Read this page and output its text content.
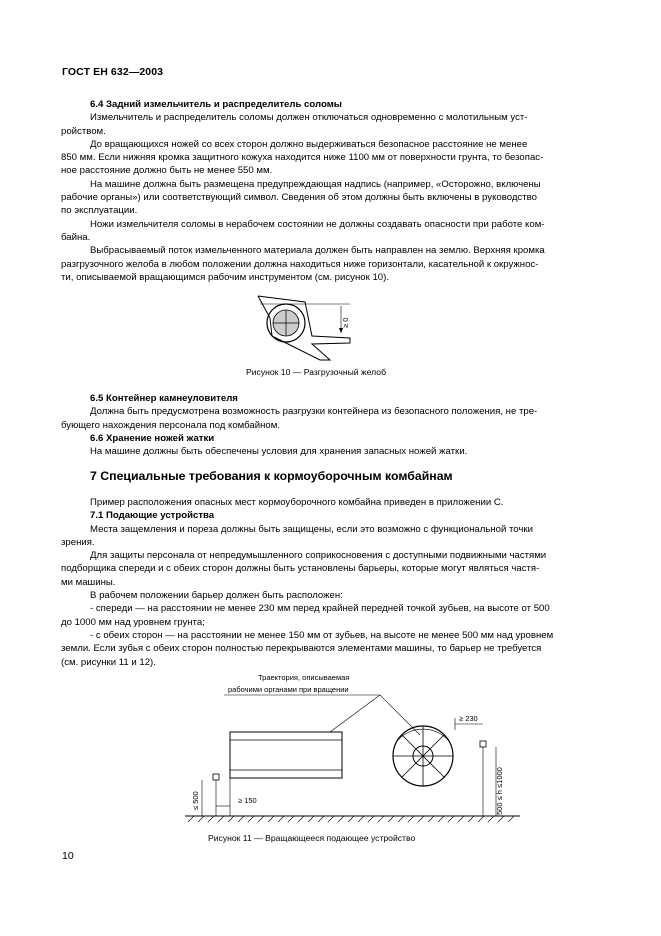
ГОСТ ЕН 632—2003

6.4 Задний измельчитель и распределитель соломы

Измельчитель и распределитель соломы должен отключаться одновременно с молотильным уст-

ройством.

До вращающихся ножей со всех сторон должно выдерживаться безопасное расстояние не менее

850 мм. Если нижняя кромка защитного кожуха находится ниже 1100 мм от поверхности грунта, то безопас-

ное расстояние должно быть не менее 550 мм.

На машине должна быть размещена предупреждающая надпись (например, «Осторожно, включены

рабочие органы») или соответствующий символ. Сведения об этом должны быть включены в руководство

по эксплуатации.

Ножи измельчителя соломы в нерабочем состоянии не должны создавать опасности при работе ком-

байна.

Выбрасываемый поток измельченного материала должен быть направлен на землю. Верхняя кромка

разгрузочного желоба в любом положении должна находиться ниже горизонтали, касательной к окружнос-

ти, описываемой вращающимся рабочим инструментом (см. рисунок 10).

≥ 0
Рисунок 10 — Разгрузочный желоб

6.5 Контейнер камнеуловителя

Должна быть предусмотрена возможность разгрузки контейнера из безопасного положения, не тре-

бующего нахождения персонала под комбайном.

6.6 Хранение ножей жатки

На машине должны быть обеспечены условия для хранения запасных ножей жатки.

7 Специальные требования к кормоуборочным комбайнам

Пример расположения опасных мест кормоуборочного комбайна приведен в приложении С.

7.1 Подающие устройства

Места защемления и пореза должны быть защищены, если это возможно с функциональной точки

зрения.

Для защиты персонала от непредумышленного соприкосновения с доступными подвижными частями

подборщика спереди и с обеих сторон должны быть установлены барьеры, которые могут являться частя-

ми машины.

В рабочем положении барьер должен быть расположен:

- спереди — на расстоянии не менее 230 мм перед крайней передней точкой зубьев, на высоте от 500

до 1000 мм над уровнем грунта;

- с обеих сторон — на расстоянии не менее 150 мм от зубьев, на высоте не менее 500 мм над уровнем

земли. Если зубья с обеих сторон полностью перекрываются элементами машины, то барьер не требуется

(см. рисунки 11 и 12).

Траектория, описываемая
рабочими органами при вращении
≥ 230
≥ 150
≤ 500	500 ≤ h ≤1000
Рисунок 11 — Вращающееся подающее устройство
10
